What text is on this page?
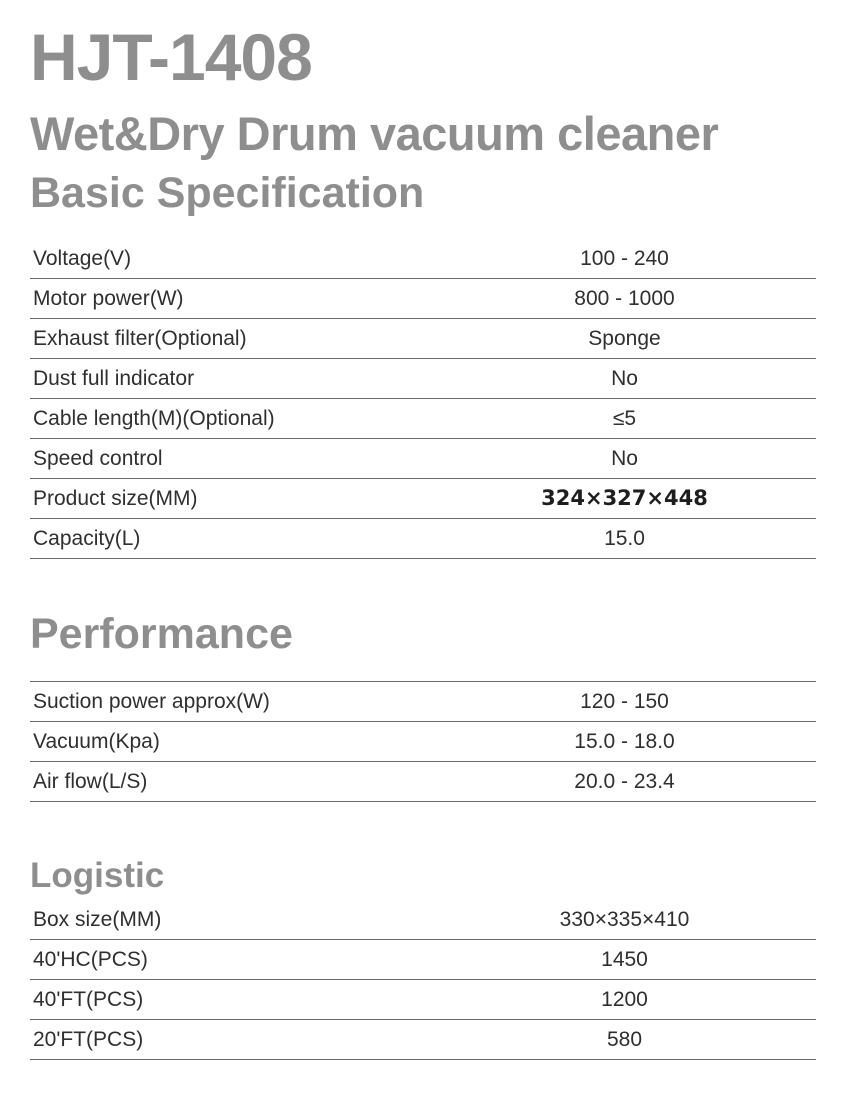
HJT-1408
Wet&Dry Drum vacuum cleaner
Basic Specification
Voltage(V)	100 - 240
Motor power(W)	800 - 1000
Exhaust filter(Optional)	Sponge
Dust full indicator	No
Cable length(M)(Optional)	≤5
Speed control	No
Product size(MM)	324×327×448
Capacity(L)	15.0
Performance
Suction power approx(W)	120 - 150
Vacuum(Kpa)	15.0 - 18.0
Air flow(L/S)	20.0 - 23.4
Logistic
Box size(MM)	330×335×410
40'HC(PCS)	1450
40'FT(PCS)	1200
20'FT(PCS)	580
